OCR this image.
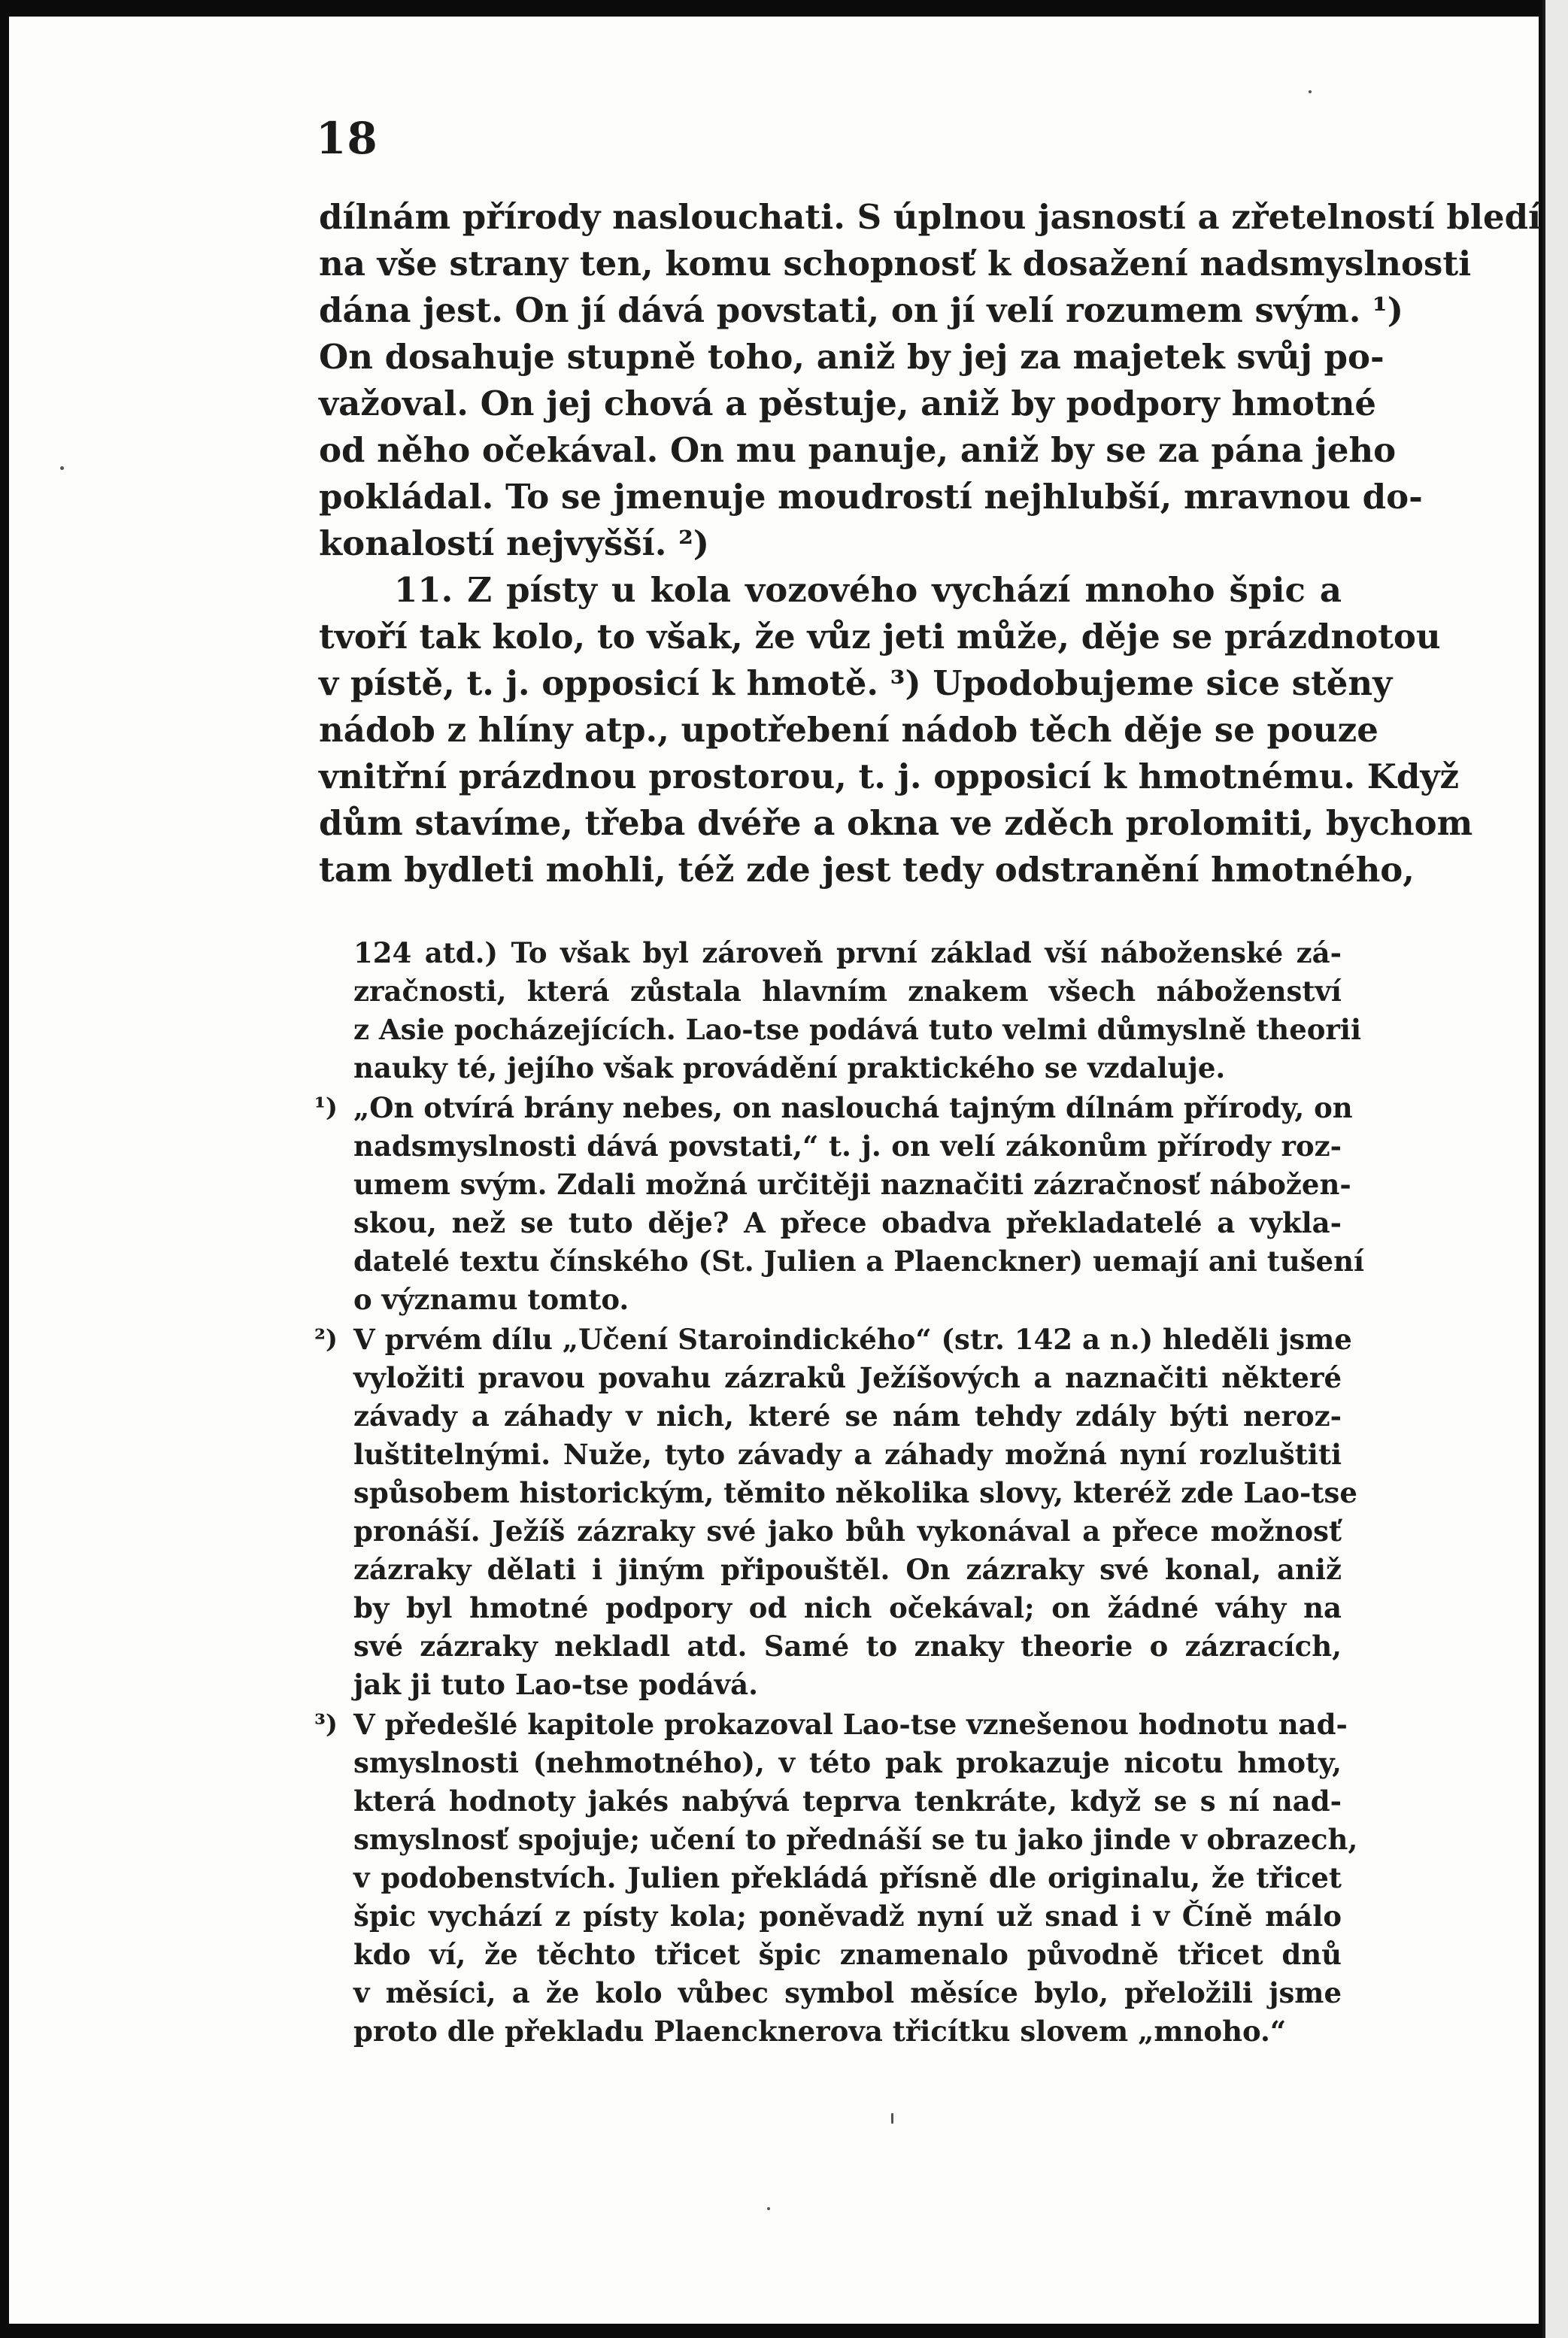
18
dílnám přírody naslouchati. S úplnou jasností a zřetelností bledí
na vše strany ten, komu schopnosť k dosažení nadsmyslnosti
dána jest. On jí dává povstati, on jí velí rozumem svým. ¹)
On dosahuje stupně toho, aniž by jej za majetek svůj po-
važoval. On jej chová a pěstuje, aniž by podpory hmotné
od něho očekával. On mu panuje, aniž by se za pána jeho
pokládal. To se jmenuje moudrostí nejhlubší, mravnou do-
konalostí nejvyšší. ²)
11. Z písty u kola vozového vychází mnoho špic a
tvoří tak kolo, to však, že vůz jeti může, děje se prázdnotou
v pístě, t. j. opposicí k hmotě. ³) Upodobujeme sice stěny
nádob z hlíny atp., upotřebení nádob těch děje se pouze
vnitřní prázdnou prostorou, t. j. opposicí k hmotnému. Když
dům stavíme, třeba dvéře a okna ve zděch prolomiti, bychom
tam bydleti mohli, též zde jest tedy odstranění hmotného,
124 atd.) To však byl zároveň první základ vší náboženské zá-
zračnosti, která zůstala hlavním znakem všech náboženství
z Asie pocházejících. Lao-tse podává tuto velmi důmyslně theorii
nauky té, jejího však provádění praktického se vzdaluje.
¹) „On otvírá brány nebes, on naslouchá tajným dílnám přírody, on
nadsmyslnosti dává povstati,“ t. j. on velí zákonům přírody roz-
umem svým. Zdali možná určitěji naznačiti zázračnosť nábožen-
skou, než se tuto děje? A přece obadva překladatelé a vykla-
datelé textu čínského (St. Julien a Plaenckner) uemají ani tušení
o významu tomto.
²) V prvém dílu „Učení Staroindického“ (str. 142 a n.) hleděli jsme
vyložiti pravou povahu zázraků Ježíšových a naznačiti některé
závady a záhady v nich, které se nám tehdy zdály býti neroz-
luštitelnými. Nuže, tyto závady a záhady možná nyní rozluštiti
spůsobem historickým, těmito několika slovy, kteréž zde Lao-tse
pronáší. Ježíš zázraky své jako bůh vykonával a přece možnosť
zázraky dělati i jiným připouštěl. On zázraky své konal, aniž
by byl hmotné podpory od nich očekával; on žádné váhy na
své zázraky nekladl atd. Samé to znaky theorie o zázracích,
jak ji tuto Lao-tse podává.
³) V předešlé kapitole prokazoval Lao-tse vznešenou hodnotu nad-
smyslnosti (nehmotného), v této pak prokazuje nicotu hmoty,
která hodnoty jakés nabývá teprva tenkráte, když se s ní nad-
smyslnosť spojuje; učení to přednáší se tu jako jinde v obrazech,
v podobenstvích. Julien překládá přísně dle originalu, že třicet
špic vychází z písty kola; poněvadž nyní už snad i v Číně málo
kdo ví, že těchto třicet špic znamenalo původně třicet dnů
v měsíci, a že kolo vůbec symbol měsíce bylo, přeložili jsme
proto dle překladu Plaencknerova třicítku slovem „mnoho.“
